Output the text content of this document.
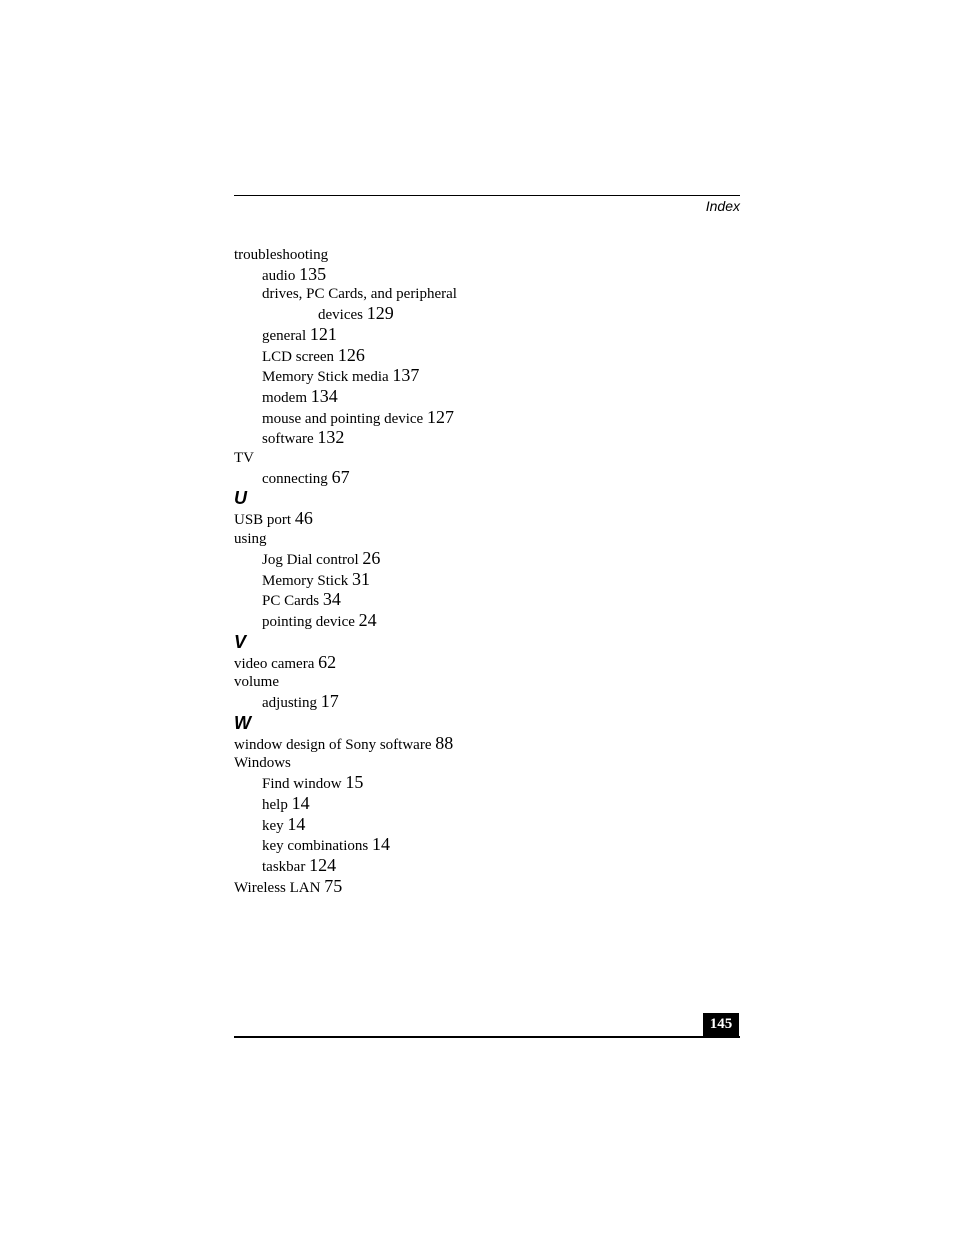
Index
troubleshooting
audio 135
drives, PC Cards, and peripheral
devices 129
general 121
LCD screen 126
Memory Stick media 137
modem 134
mouse and pointing device 127
software 132
TV
connecting 67
U
USB port 46
using
Jog Dial control 26
Memory Stick 31
PC Cards 34
pointing device 24
V
video camera 62
volume
adjusting 17
W
window design of Sony software 88
Windows
Find window 15
help 14
key 14
key combinations 14
taskbar 124
Wireless LAN 75
145
